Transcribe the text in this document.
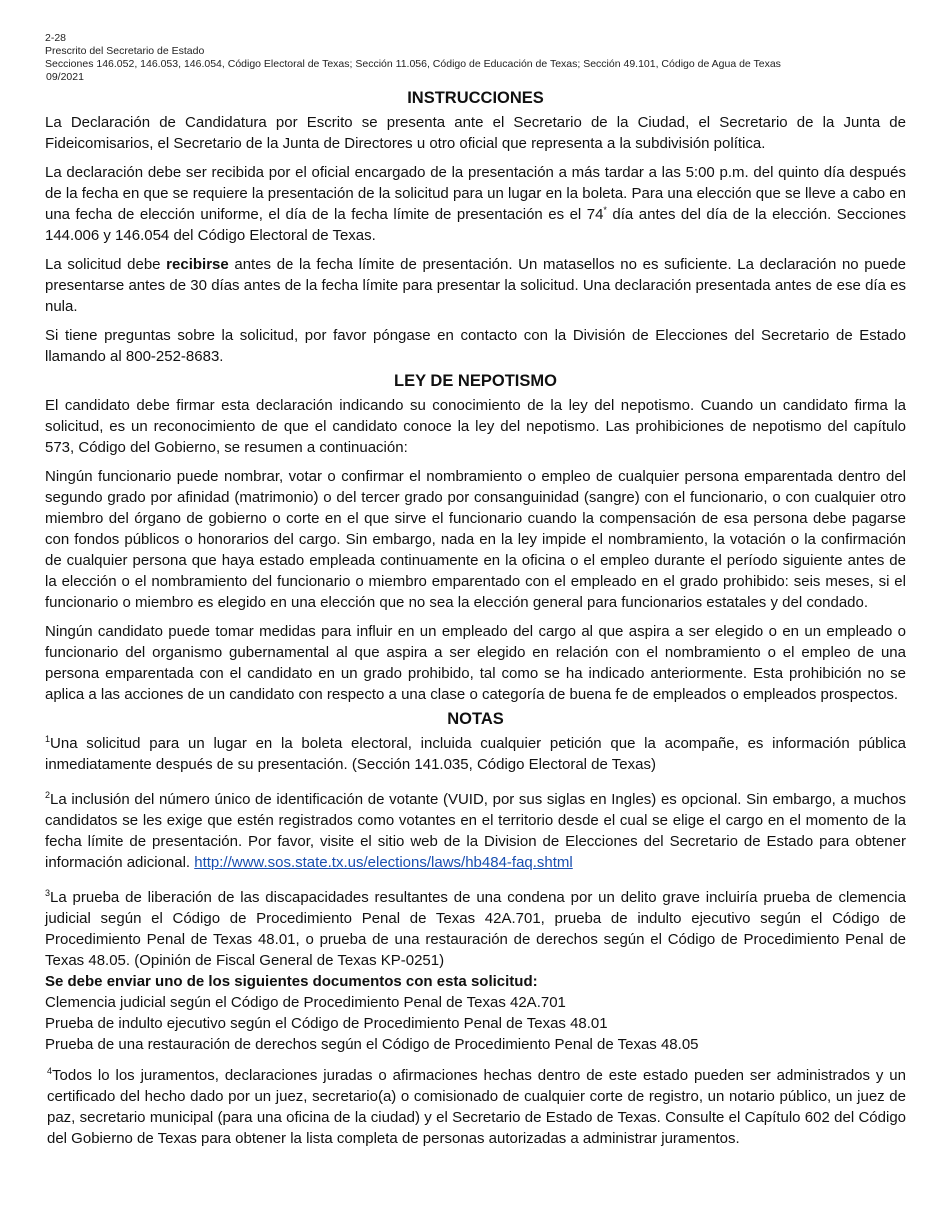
2-28
Prescrito del Secretario de Estado
Secciones 146.052, 146.053, 146.054, Código Electoral de Texas; Sección 11.056, Código de Educación de Texas; Sección 49.101, Código de Agua de Texas
09/2021
INSTRUCCIONES

La Declaración de Candidatura por Escrito se presenta ante el Secretario de la Ciudad, el Secretario de la Junta de Fideicomisarios, el Secretario de la Junta de Directores u otro oficial que representa a la subdivisión política.

La declaración debe ser recibida por el oficial encargado de la presentación a más tardar a las 5:00 p.m. del quinto día después de la fecha en que se requiere la presentación de la solicitud para un lugar en la boleta. Para una elección que se lleve a cabo en una fecha de elección uniforme, el día de la fecha límite de presentación es el 74* día antes del día de la elección. Secciones 144.006 y 146.054 del Código Electoral de Texas.

La solicitud debe recibirse antes de la fecha límite de presentación. Un matasellos no es suficiente. La declaración no puede presentarse antes de 30 días antes de la fecha límite para presentar la solicitud. Una declaración presentada antes de ese día es nula.

Si tiene preguntas sobre la solicitud, por favor póngase en contacto con la División de Elecciones del Secretario de Estado llamando al 800-252-8683.

LEY DE NEPOTISMO

El candidato debe firmar esta declaración indicando su conocimiento de la ley del nepotismo. Cuando un candidato firma la solicitud, es un reconocimiento de que el candidato conoce la ley del nepotismo. Las prohibiciones de nepotismo del capítulo 573, Código del Gobierno, se resumen a continuación:

Ningún funcionario puede nombrar, votar o confirmar el nombramiento o empleo de cualquier persona emparentada dentro del segundo grado por afinidad (matrimonio) o del tercer grado por consanguinidad (sangre) con el funcionario, o con cualquier otro miembro del órgano de gobierno o corte en el que sirve el funcionario cuando la compensación de esa persona debe pagarse con fondos públicos o honorarios del cargo. Sin embargo, nada en la ley impide el nombramiento, la votación o la confirmación de cualquier persona que haya estado empleada continuamente en la oficina o el empleo durante el período siguiente antes de la elección o el nombramiento del funcionario o miembro emparentado con el empleado en el grado prohibido: seis meses, si el funcionario o miembro es elegido en una elección que no sea la elección general para funcionarios estatales y del condado.

Ningún candidato puede tomar medidas para influir en un empleado del cargo al que aspira a ser elegido o en un empleado o funcionario del organismo gubernamental al que aspira a ser elegido en relación con el nombramiento o el empleo de una persona emparentada con el candidato en un grado prohibido, tal como se ha indicado anteriormente. Esta prohibición no se aplica a las acciones de un candidato con respecto a una clase o categoría de buena fe de empleados o empleados prospectos.

NOTAS

$^1$Una solicitud para un lugar en la boleta electoral, incluida cualquier petición que la acompañe, es información pública inmediatamente después de su presentación. (Sección 141.035, Código Electoral de Texas)

$^2$La inclusión del número único de identificación de votante (VUID, por sus siglas en Ingles) es opcional. Sin embargo, a muchos candidatos se les exige que estén registrados como votantes en el territorio desde el cual se elige el cargo en el momento de la fecha límite de presentación. Por favor, visite el sitio web de la Division de Elecciones del Secretario de Estado para obtener información adicional. http://www.sos.state.tx.us/elections/laws/hb484-faq.shtml

$^3$La prueba de liberación de las discapacidades resultantes de una condena por un delito grave incluiría prueba de clemencia judicial según el Código de Procedimiento Penal de Texas 42A.701, prueba de indulto ejecutivo según el Código de Procedimiento Penal de Texas 48.01, o prueba de una restauración de derechos según el Código de Procedimiento Penal de Texas 48.05. (Opinión de Fiscal General de Texas KP-0251)

Se debe enviar uno de los siguientes documentos con esta solicitud:
Clemencia judicial según el Código de Procedimiento Penal de Texas 42A.701
Prueba de indulto ejecutivo según el Código de Procedimiento Penal de Texas 48.01
Prueba de una restauración de derechos según el Código de Procedimiento Penal de Texas 48.05

$^4$Todos lo los juramentos, declaraciones juradas o afirmaciones hechas dentro de este estado pueden ser administrados y un certificado del hecho dado por un juez, secretario(a) o comisionado de cualquier corte de registro, un notario público, un juez de paz, secretario municipal (para una oficina de la ciudad) y el Secretario de Estado de Texas. Consulte el Capítulo 602 del Código del Gobierno de Texas para obtener la lista completa de personas autorizadas a administrar juramentos.
